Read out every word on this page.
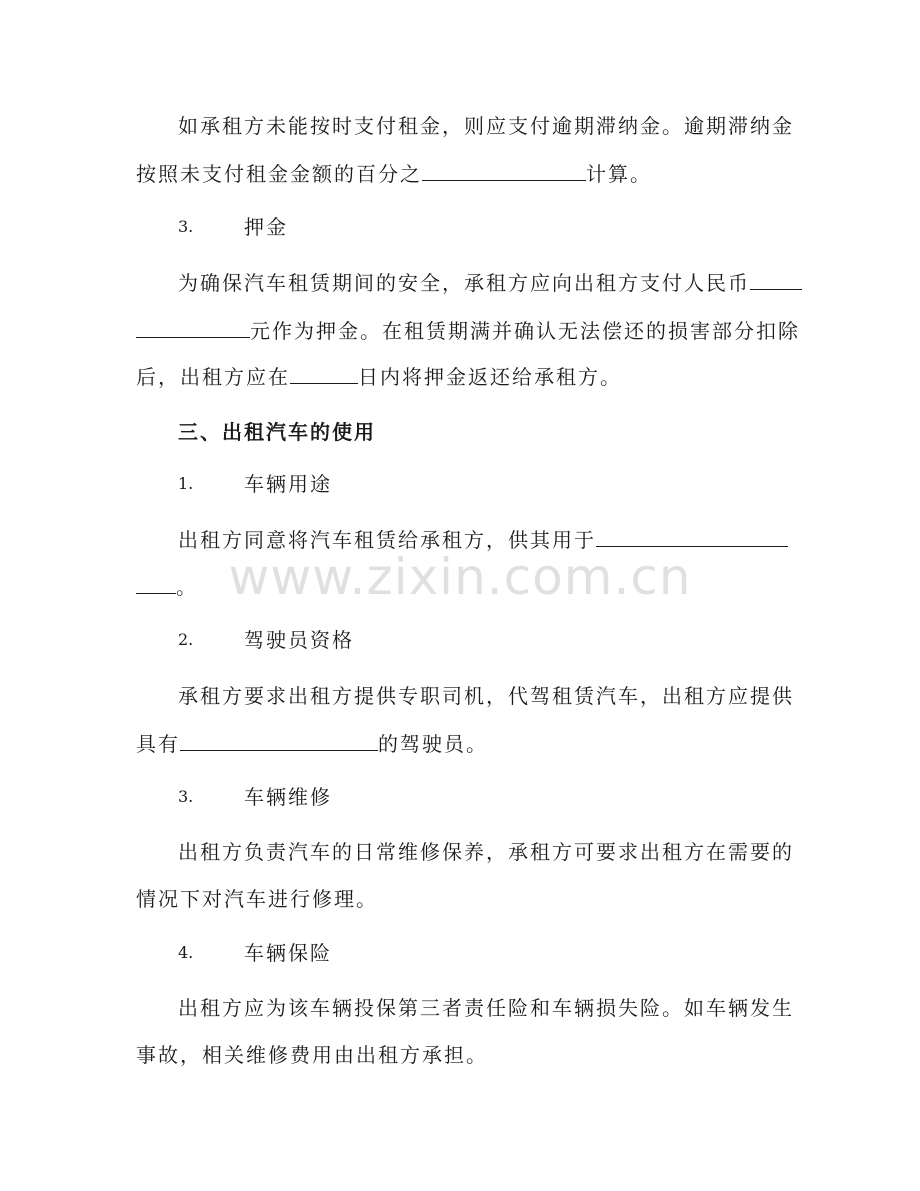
如承租方未能按时支付租金，则应支付逾期滞纳金。逾期滞纳金
按照未支付租金金额的百分之	计算。
3.	押金
为确保汽车租赁期间的安全，承租方应向出租方支付人民币
元作为押金。在租赁期满并确认无法偿还的损害部分扣除
后，出租方应在	日内将押金返还给承租方。
三、出租汽车的使用
1.	车辆用途
出租方同意将汽车租赁给承租方，供其用于
。
2.	驾驶员资格
承租方要求出租方提供专职司机，代驾租赁汽车，出租方应提供
具有	的驾驶员。
3.	车辆维修
出租方负责汽车的日常维修保养，承租方可要求出租方在需要的
情况下对汽车进行修理。
4.	车辆保险
出租方应为该车辆投保第三者责任险和车辆损失险。如车辆发生
事故，相关维修费用由出租方承担。
www.zixin.com.cn
